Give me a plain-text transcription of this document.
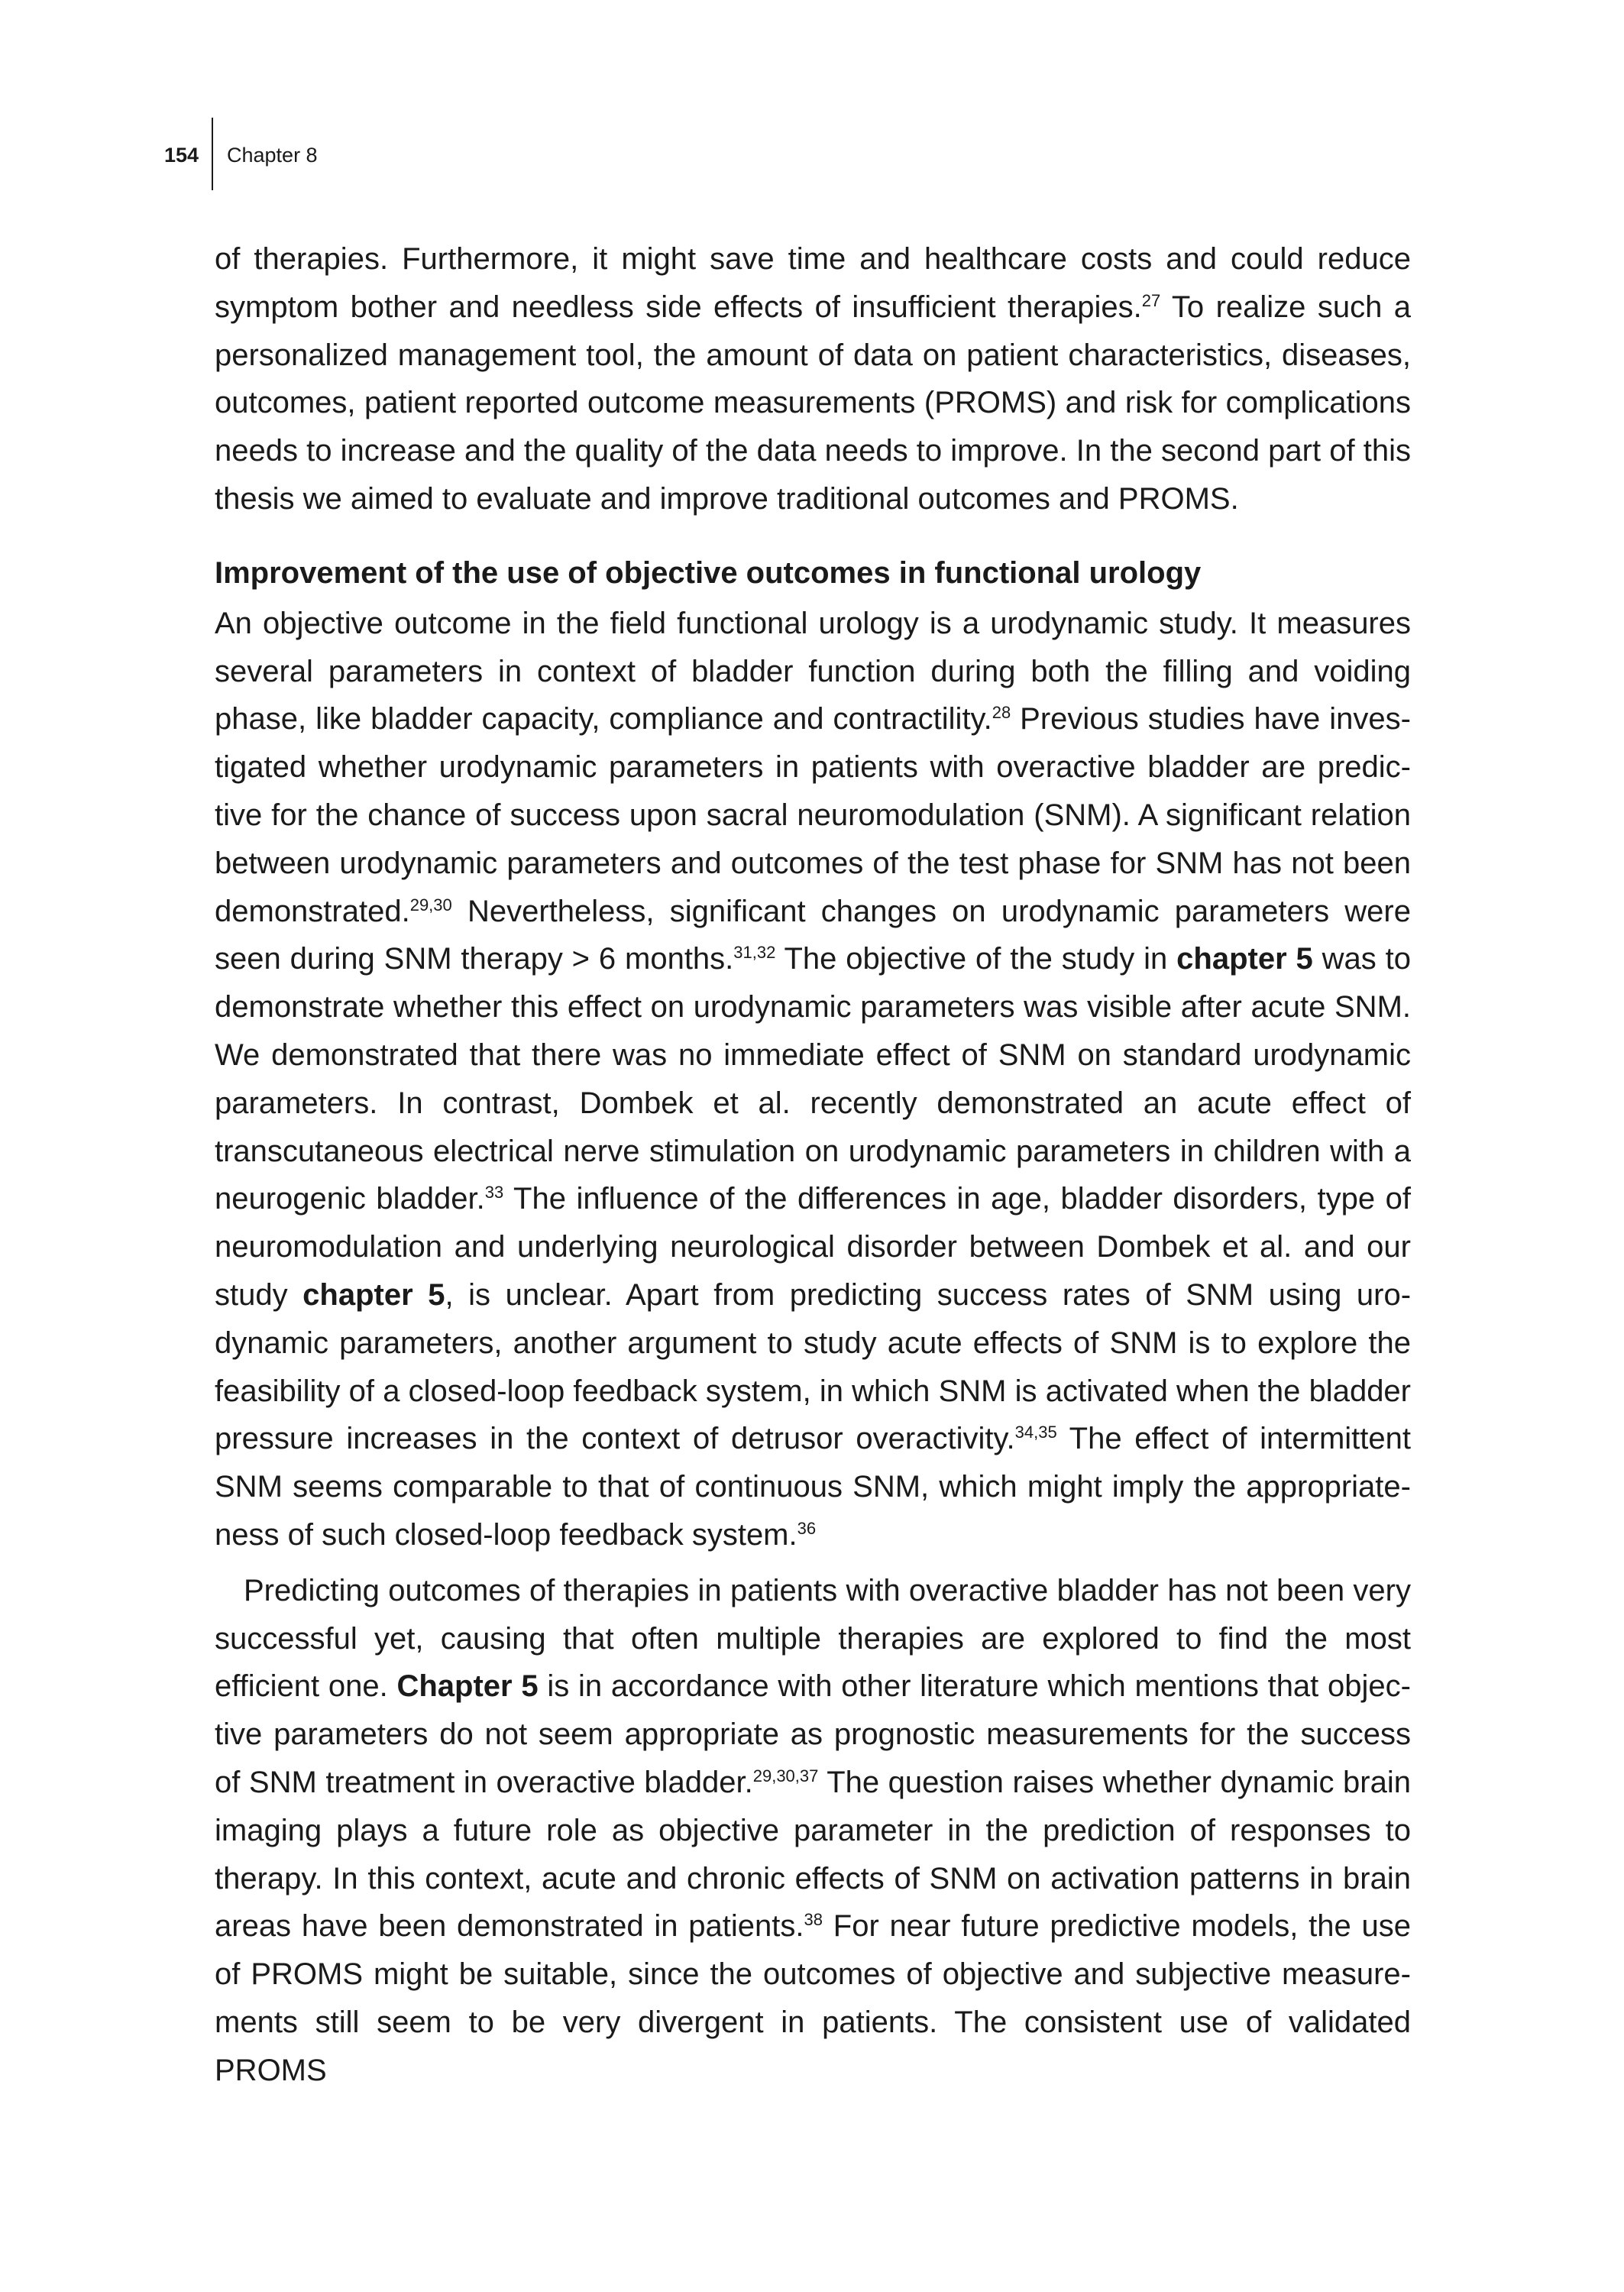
154 Chapter 8

of therapies. Furthermore, it might save time and healthcare costs and could reduce symptom bother and needless side effects of insufficient therapies.$^{27}$ To realize such a personalized management tool, the amount of data on patient characteristics, diseases, outcomes, patient reported outcome measurements (PROMS) and risk for complications needs to increase and the quality of the data needs to improve. In the second part of this thesis we aimed to evaluate and improve traditional outcomes and PROMS.

Improvement of the use of objective outcomes in functional urology

An objective outcome in the field functional urology is a urodynamic study. It measures several parameters in context of bladder function during both the filling and voiding phase, like bladder capacity, compliance and contractility.$^{28}$ Previous studies have investigated whether urodynamic parameters in patients with overactive bladder are predictive for the chance of success upon sacral neuromodulation (SNM). A significant relation between urodynamic parameters and outcomes of the test phase for SNM has not been demonstrated.$^{29,30}$ Nevertheless, significant changes on urodynamic parameters were seen during SNM therapy > 6 months.$^{31,32}$ The objective of the study in chapter 5 was to demonstrate whether this effect on urodynamic parameters was visible after acute SNM. We demonstrated that there was no immediate effect of SNM on standard urodynamic parameters. In contrast, Dombek et al. recently demonstrated an acute effect of transcutaneous electrical nerve stimulation on urodynamic parameters in children with a neurogenic bladder.$^{33}$ The influence of the differences in age, bladder disorders, type of neuromodulation and underlying neurological disorder between Dombek et al. and our study chapter 5, is unclear. Apart from predicting success rates of SNM using urodynamic parameters, another argument to study acute effects of SNM is to explore the feasibility of a closed-loop feedback system, in which SNM is activated when the bladder pressure increases in the context of detrusor overactivity.$^{34,35}$ The effect of intermittent SNM seems comparable to that of continuous SNM, which might imply the appropriateness of such closed-loop feedback system.$^{36}$

Predicting outcomes of therapies in patients with overactive bladder has not been very successful yet, causing that often multiple therapies are explored to find the most efficient one. Chapter 5 is in accordance with other literature which mentions that objective parameters do not seem appropriate as prognostic measurements for the success of SNM treatment in overactive bladder.$^{29,30,37}$ The question raises whether dynamic brain imaging plays a future role as objective parameter in the prediction of responses to therapy. In this context, acute and chronic effects of SNM on activation patterns in brain areas have been demonstrated in patients.$^{38}$ For near future predictive models, the use of PROMS might be suitable, since the outcomes of objective and subjective measurements still seem to be very divergent in patients. The consistent use of validated PROMS
